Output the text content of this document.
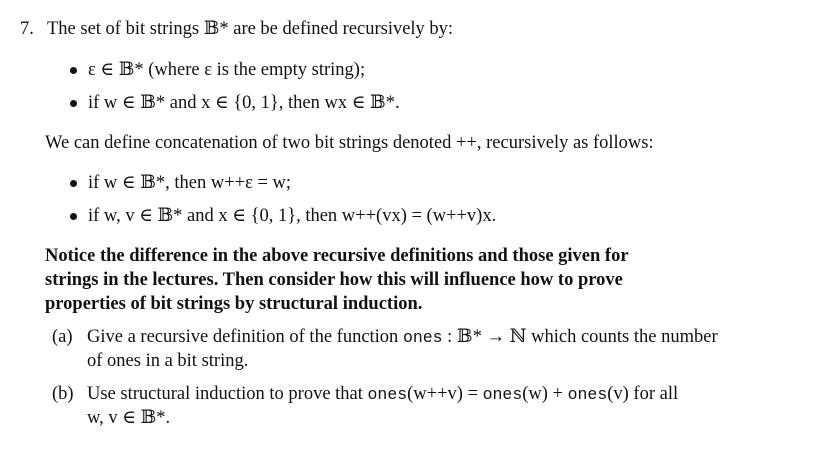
7. The set of bit strings 𝔹* are be defined recursively by:
ε ∈ 𝔹* (where ε is the empty string);
if w ∈ 𝔹* and x ∈ {0, 1}, then wx ∈ 𝔹*.
We can define concatenation of two bit strings denoted ++, recursively as follows:
if w ∈ 𝔹*, then w++ε = w;
if w, v ∈ 𝔹* and x ∈ {0, 1}, then w++(vx) = (w++v)x.
Notice the difference in the above recursive definitions and those given for
strings in the lectures. Then consider how this will influence how to prove
properties of bit strings by structural induction.
(a) Give a recursive definition of the function ones : 𝔹* → ℕ which counts the number
of ones in a bit string.
(b) Use structural induction to prove that ones(w++v) = ones(w) + ones(v) for all
w, v ∈ 𝔹*.
